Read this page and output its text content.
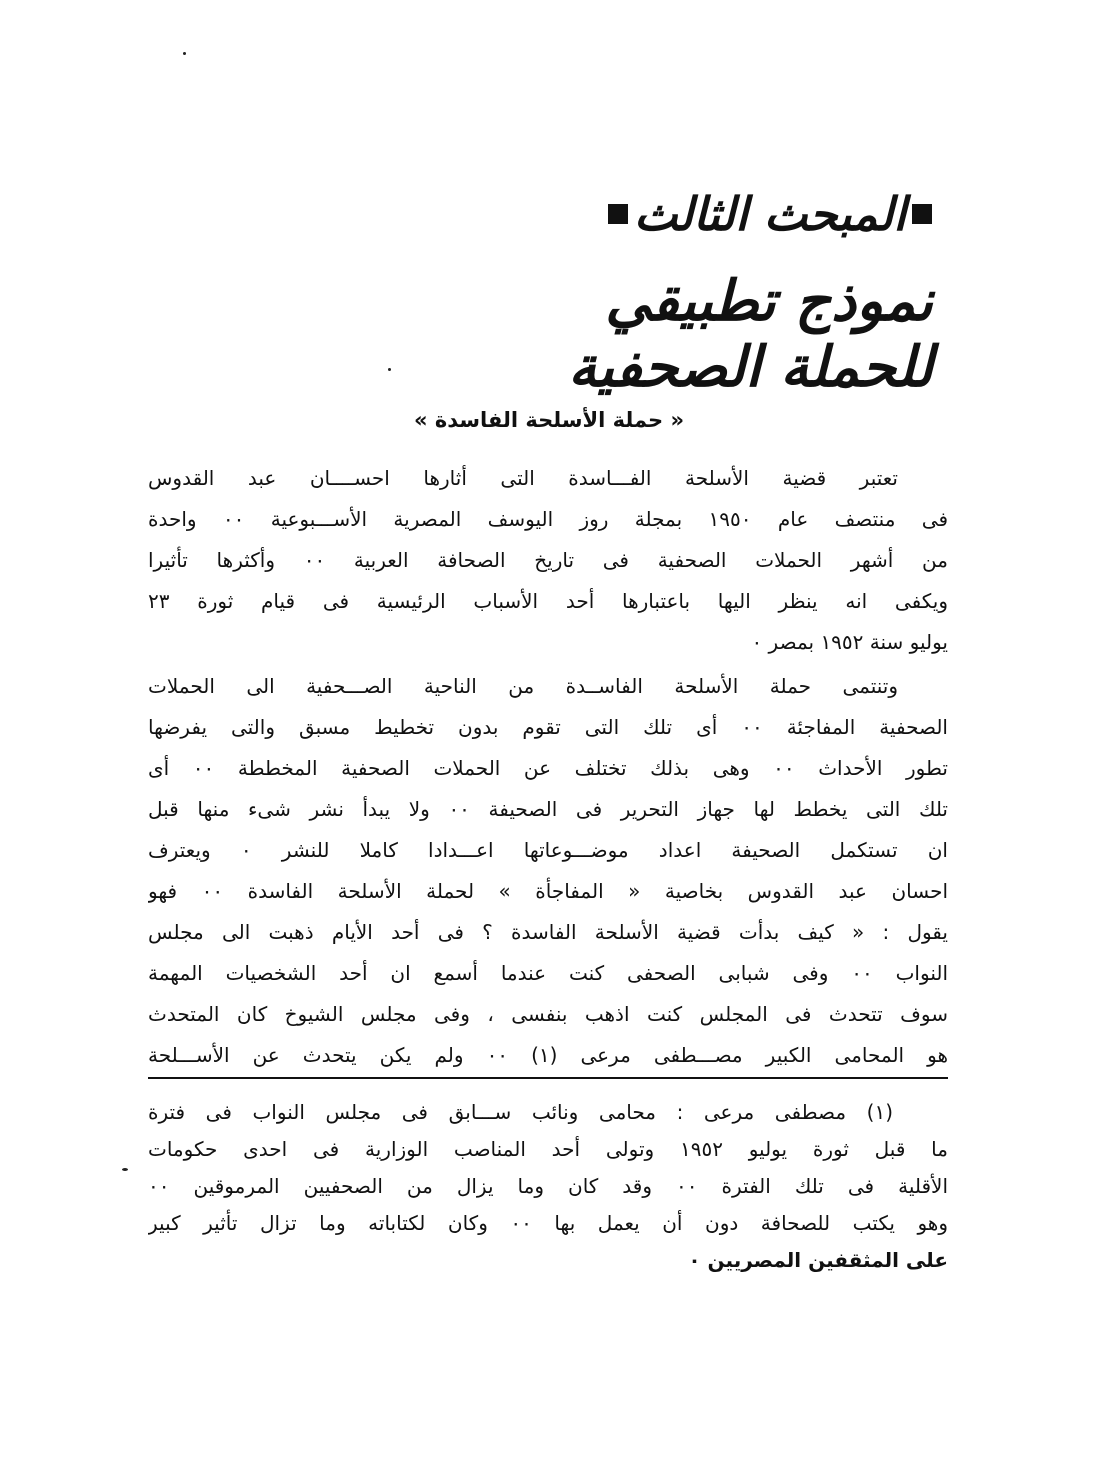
المبحث الثالث
نموذج تطبيقي
للحملة الصحفية
« حملة الأسلحة الفاسدة »
تعتبر قضية الأسلحة الفـــاسدة التى أثارها احســــان عبد القدوس
فى منتصف عام ١٩٥٠ بمجلة روز اليوسف المصرية الأســـبوعية ٠٠ واحدة
من أشهر الحملات الصحفية فى تاريخ الصحافة العربية ٠٠ وأكثرها تأثيرا
ويكفى انه ينظر اليها باعتبارها أحد الأسباب الرئيسية فى قيام ثورة ٢٣
يوليو سنة ١٩٥٢ بمصر ٠
وتنتمى حملة الأسلحة الفاســدة من الناحية الصـــحفية الى الحملات
الصحفية المفاجئة ٠٠ أى تلك التى تقوم بدون تخطيط مسبق والتى يفرضها
تطور الأحداث ٠٠ وهى بذلك تختلف عن الحملات الصحفية المخططة ٠٠ أى
تلك التى يخطط لها جهاز التحرير فى الصحيفة ٠٠ ولا يبدأ نشر شىء منها قبل
ان تستكمل الصحيفة اعداد موضـــوعاتها اعـــدادا كاملا للنشر ٠ ويعترف
احسان عبد القدوس بخاصية « المفاجأة » لحملة الأسلحة الفاسدة ٠٠ فهو
يقول : « كيف بدأت قضية الأسلحة الفاسدة ؟ فى أحد الأيام ذهبت الى مجلس
النواب ٠٠ وفى شبابى الصحفى كنت عندما أسمع ان أحد الشخصيات المهمة
سوف تتحدث فى المجلس كنت اذهب بنفسى ، وفى مجلس الشيوخ كان المتحدث
هو المحامى الكبير مصـــطفى مرعى (١) ٠٠ ولم يكن يتحدث عن الأســـلحة
(١) مصطفى مرعى : محامى ونائب ســـابق فى مجلس النواب فى فترة
ما قبل ثورة يوليو ١٩٥٢ وتولى أحد المناصب الوزارية فى احدى حكومات
الأقلية فى تلك الفترة ٠٠ وقد كان وما يزال من الصحفيين المرموقين ٠٠
وهو يكتب للصحافة دون أن يعمل بها ٠٠ وكان لكتاباته وما تزال تأثير كبير
على المثقفين المصريين ٠
